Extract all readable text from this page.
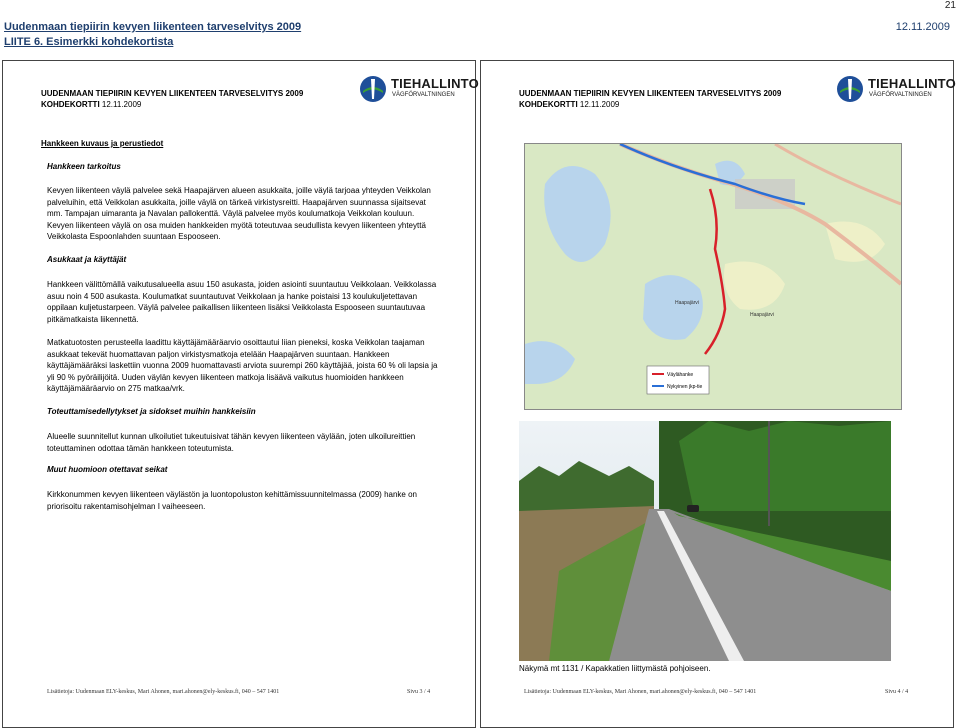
21
Uudenmaan tiepiirin kevyen liikenteen tarveselvitys 2009
LIITE 6. Esimerkki kohdekortista
12.11.2009
UUDENMAAN TIEPIIRIN KEVYEN LIIKENTEEN TARVESELVITYS 2009
KOHDEKORTTI 12.11.2009
TIEHALLINTO
VÄGFÖRVALTNINGEN
Hankkeen kuvaus ja perustiedot
Hankkeen tarkoitus
Kevyen liikenteen väylä palvelee sekä Haapajärven alueen asukkaita, joille väylä tarjoaa yhteyden Veikkolan palveluihin, että Veikkolan asukkaita, joille väylä on tärkeä virkistysreitti. Haapajärven suunnassa sijaitsevat mm. Tampajan uimaranta ja Navalan pallokenttä. Väylä palvelee myös koulumatkoja Veikkolan kouluun. Kevyen liikenteen väylä on osa muiden hankkeiden myötä toteutuvaa seudullista kevyen liikenteen yhteyttä Veikkolasta Espoonlahden suuntaan Espooseen.
Asukkaat ja käyttäjät
Hankkeen välittömällä vaikutusalueella asuu 150 asukasta, joiden asiointi suuntautuu Veikkolaan. Veikkolassa asuu noin 4 500 asukasta. Koulumatkat suuntautuvat Veikkolaan ja hanke poistaisi 13 koulukuljetettavan oppilaan kuljetustarpeen. Väylä palvelee paikallisen liikenteen lisäksi Veikkolasta Espooseen suuntautuvaa pitkämatkaista liikennettä.
Matkatuotosten perusteella laadittu käyttäjämääräarvio osoittautui liian pieneksi, koska Veikkolan taajaman asukkaat tekevät huomattavan paljon virkistysmatkoja etelään Haapajärven suuntaan. Hankkeen käyttäjämääräksi laskettiin vuonna 2009 huomattavasti arviota suurempi 260 käyttäjää, joista 60 % oli lapsia ja yli 90 % pyöräilijöitä. Uuden väylän kevyen liikenteen matkoja lisäävä vaikutus huomioiden hankkeen käyttäjämääräarvio on 275 matkaa/vrk.
Toteuttamisedellytykset ja sidokset muihin hankkeisiin
Alueelle suunnitellut kunnan ulkoilutiet tukeutuisivat tähän kevyen liikenteen väylään, joten ulkoilureittien toteuttaminen odottaa tämän hankkeen toteutumista.
Muut huomioon otettavat seikat
Kirkkonummen kevyen liikenteen väylästön ja luontopoluston kehittämissuunnitelmassa (2009) hanke on priorisoitu rakentamisohjelman I vaiheeseen.
Lisätietoja: Uudenmaan ELY-keskus, Mari Ahonen, mari.ahonen@ely-keskus.fi, 040 – 547 1401	Sivu 3 / 4
UUDENMAAN TIEPIIRIN KEVYEN LIIKENTEEN TARVESELVITYS 2009
KOHDEKORTTI 12.11.2009
TIEHALLINTO
VÄGFÖRVALTNINGEN
Väylähanke
Nykyinen jkp-tie
Haapajärvi
Haapajärvi
Näkymä mt 1131 / Kapakkatien liittymästä pohjoiseen.
Lisätietoja: Uudenmaan ELY-keskus, Mari Ahonen, mari.ahonen@ely-keskus.fi, 040 – 547 1401	Sivu 4 / 4
